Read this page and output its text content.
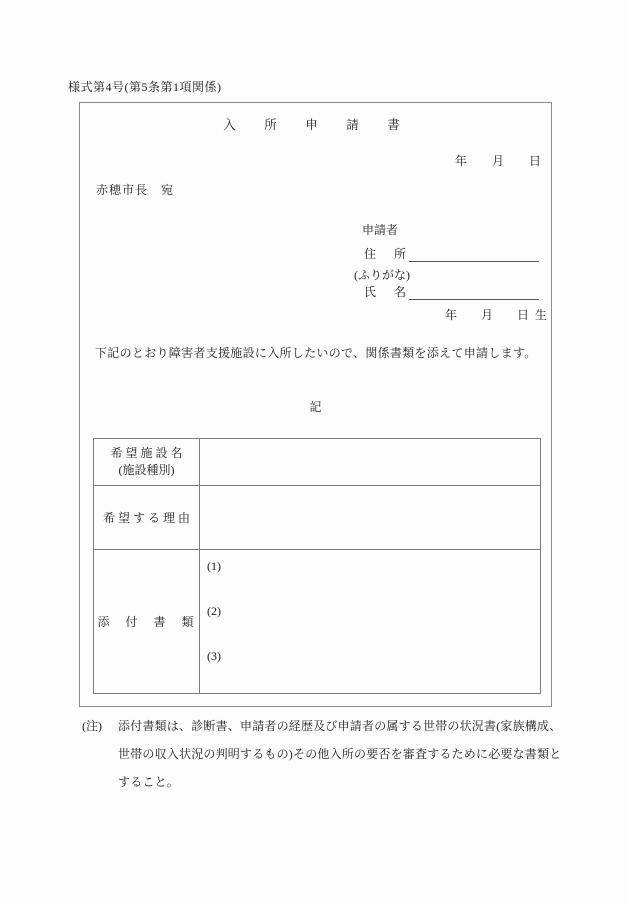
様式第4号(第5条第1項関係)
入　所　申　請　書
年　月　日
赤穂市長　宛
申請者
住　所
(ふりがな)
氏　名
年　月　日生
下記のとおり障害者支援施設に入所したいので、関係書類を添えて申請します。
記
希 望 施 設 名
(施設種別)	

希 望 す る 理 由	
添　付　書　類	(1)
(2)
(3)
(注) 添付書類は、診断書、申請者の経歴及び申請者の属する世帯の状況書(家族構成、
世帯の収入状況の判明するもの)その他入所の要否を審査するために必要な書類と
すること。
